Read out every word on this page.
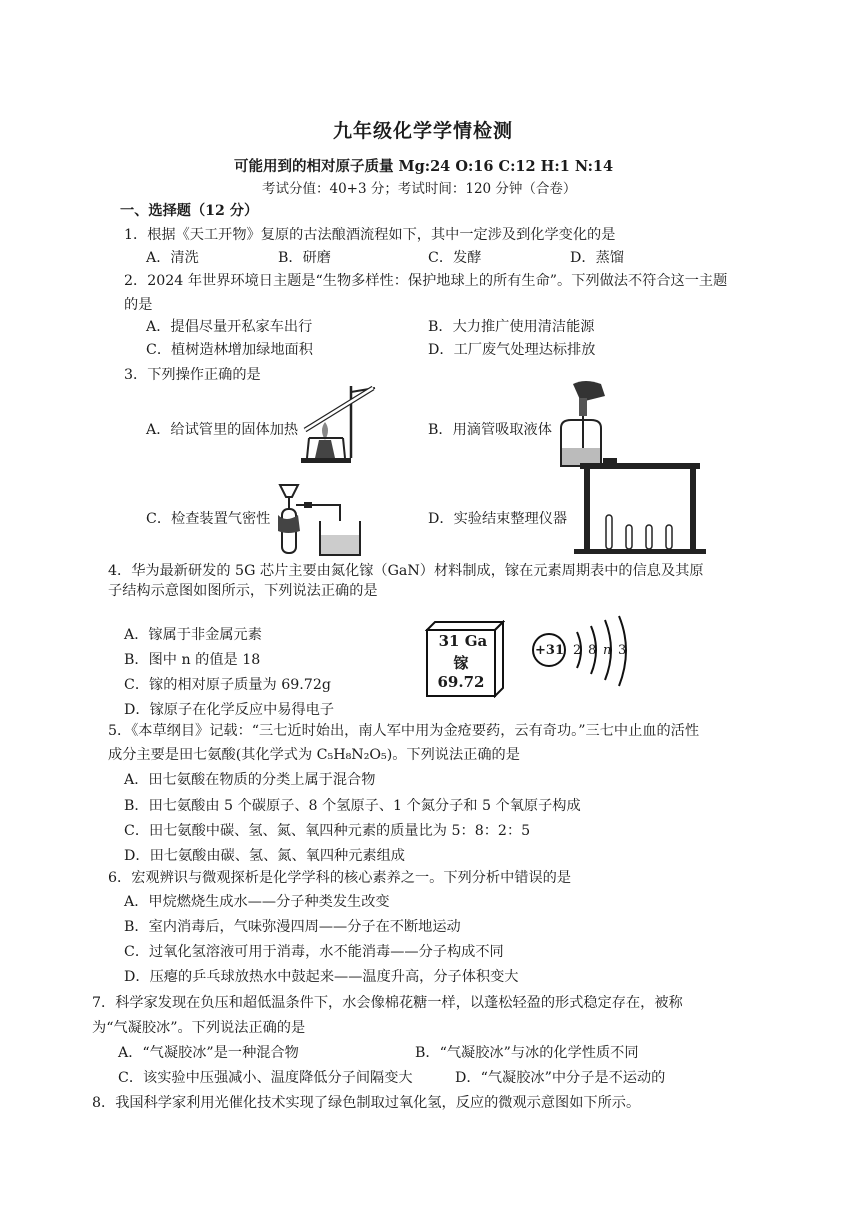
九年级化学学情检测
可能用到的相对原子质量 Mg:24 O:16 C:12 H:1 N:14
考试分值：40+3 分；考试时间：120 分钟（合卷）
一、选择题（12 分）
1．根据《天工开物》复原的古法酿酒流程如下，其中一定涉及到化学变化的是
A．清洗	B．研磨	C．发酵	D．蒸馏
2．2024 年世界环境日主题是“生物多样性：保护地球上的所有生命”。下列做法不符合这一主题
的是
A．提倡尽量开私家车出行	B．大力推广使用清洁能源
C．植树造林增加绿地面积	D．工厂废气处理达标排放
3．下列操作正确的是
A．给试管里的固体加热	B．用滴管吸取液体
C．检查装置气密性	D．实验结束整理仪器
4．华为最新研发的 5G 芯片主要由氮化镓（GaN）材料制成，镓在元素周期表中的信息及其原
子结构示意图如图所示，下列说法正确的是
A．镓属于非金属元素
B．图中 n 的值是 18
C．镓的相对原子质量为 69.72g
D．镓原子在化学反应中易得电子
31 Ga
镓
69.72
+31 2 8 n 3
5．《本草纲目》记载：“三七近时始出，南人军中用为金疮要药，云有奇功。”三七中止血的活性
成分主要是田七氨酸(其化学式为 C₅H₈N₂O₅)。下列说法正确的是
A．田七氨酸在物质的分类上属于混合物
B．田七氨酸由 5 个碳原子、8 个氢原子、1 个氮分子和 5 个氧原子构成
C．田七氨酸中碳、氢、氮、氧四种元素的质量比为 5：8：2：5
D．田七氨酸由碳、氢、氮、氧四种元素组成
6．宏观辨识与微观探析是化学学科的核心素养之一。下列分析中错误的是
A．甲烷燃烧生成水——分子种类发生改变
B．室内消毒后，气味弥漫四周——分子在不断地运动
C．过氧化氢溶液可用于消毒，水不能消毒——分子构成不同
D．压瘪的乒乓球放热水中鼓起来——温度升高，分子体积变大
7．科学家发现在负压和超低温条件下，水会像棉花糖一样，以蓬松轻盈的形式稳定存在，被称
为“气凝胶冰”。下列说法正确的是
A．“气凝胶冰”是一种混合物	B．“气凝胶冰”与冰的化学性质不同
C．该实验中压强减小、温度降低分子间隔变大	D．“气凝胶冰”中分子是不运动的
8．我国科学家利用光催化技术实现了绿色制取过氧化氢，反应的微观示意图如下所示。
